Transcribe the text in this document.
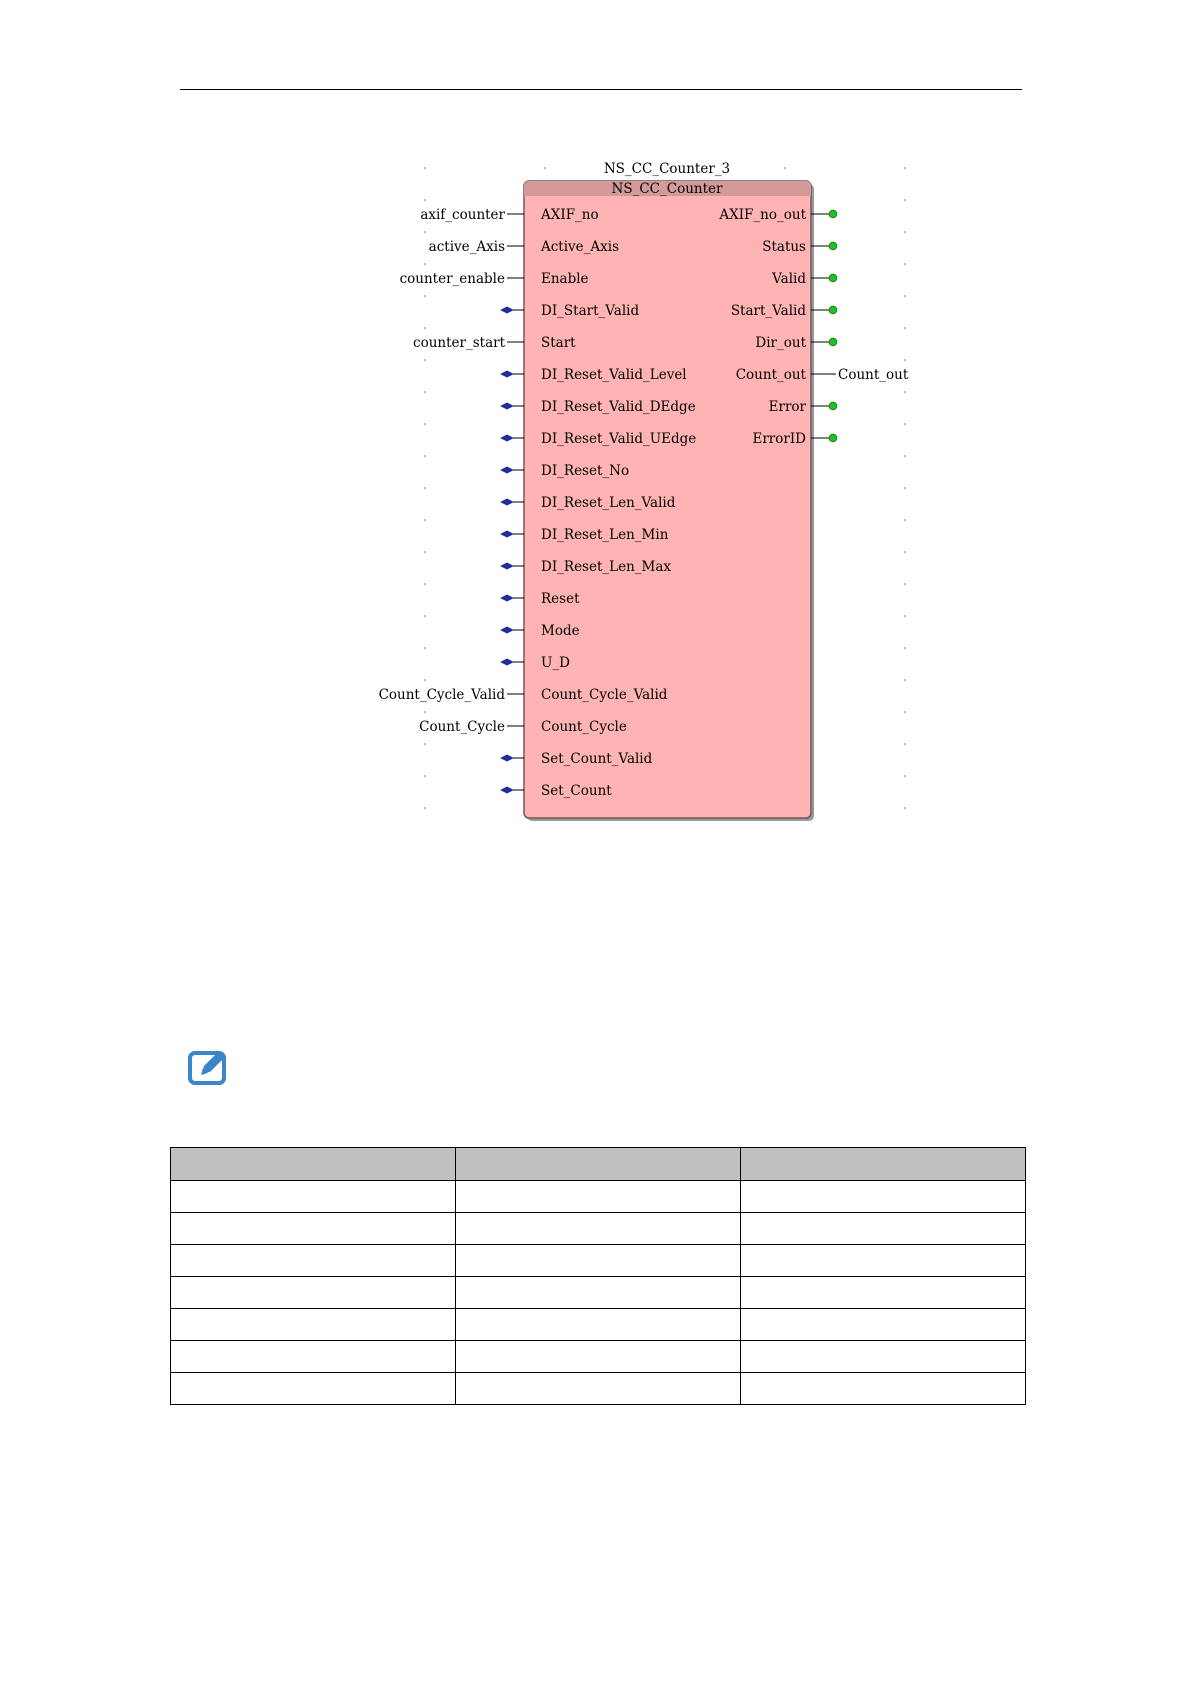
NS_CC_Counter_3
NS_CC_Counter
AXIF_no
axif_counter
Active_Axis
active_Axis
Enable
counter_enable
DI_Start_Valid
Start
counter_start
DI_Reset_Valid_Level
DI_Reset_Valid_DEdge
DI_Reset_Valid_UEdge
DI_Reset_No
DI_Reset_Len_Valid
DI_Reset_Len_Min
DI_Reset_Len_Max
Reset
Mode
U_D
Count_Cycle_Valid
Count_Cycle_Valid
Count_Cycle
Count_Cycle
Set_Count_Valid
Set_Count
AXIF_no_out
Status
Valid
Start_Valid
Dir_out
Count_out Count_out
Error
ErrorID
